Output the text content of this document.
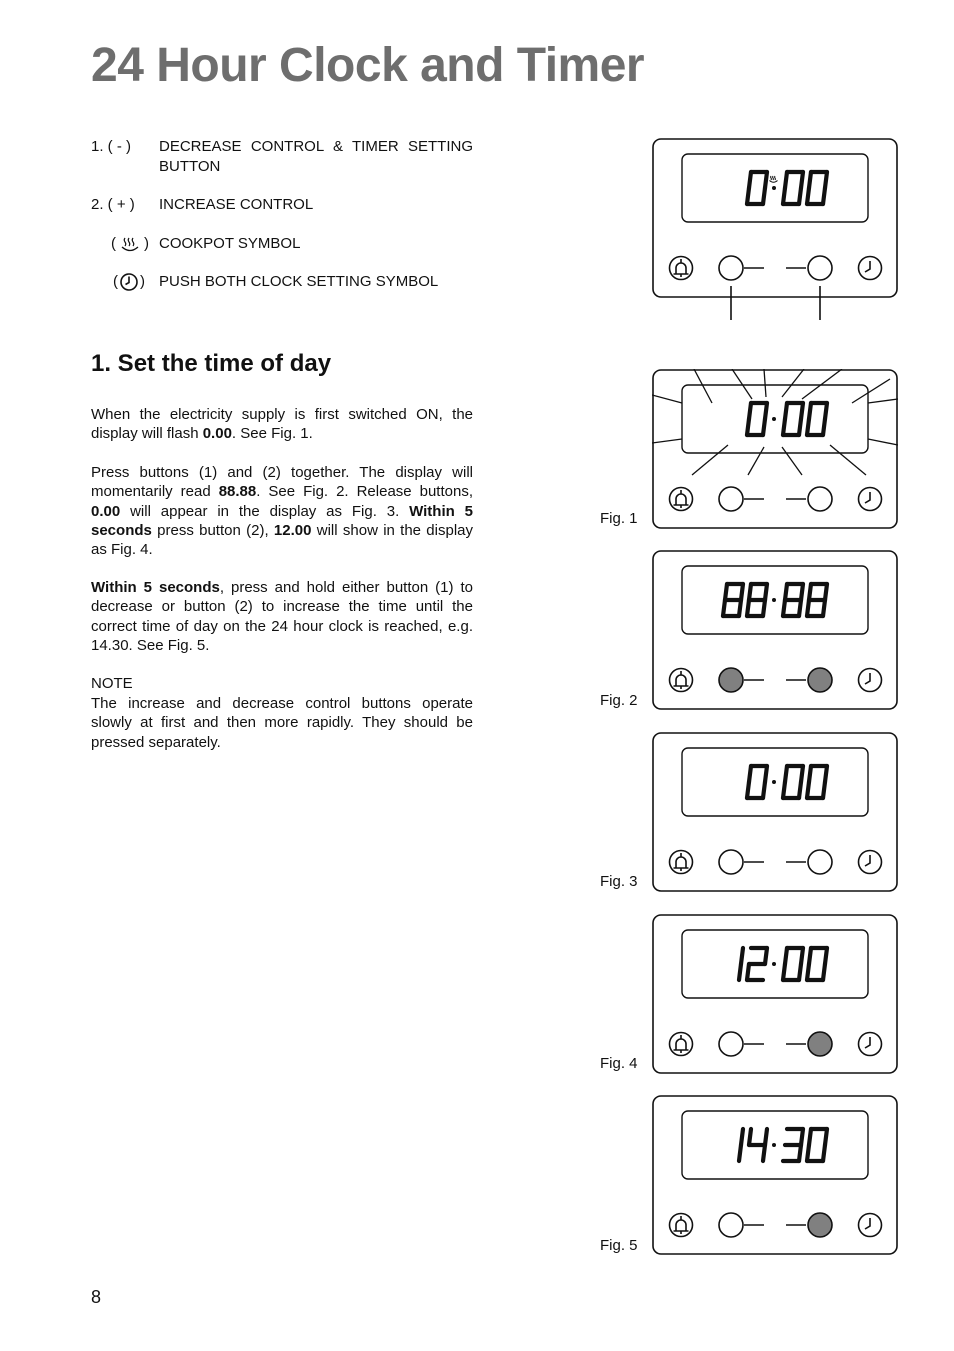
24 Hour Clock and Timer
1. ( - ) DECREASE CONTROL & TIMER SETTING
BUTTON
2. ( + ) INCREASE CONTROL
( ) COOKPOT SYMBOL
( ) PUSH BOTH CLOCK SETTING SYMBOL
1. Set the time of day

When the electricity supply is first switched ON, the display will flash 0.00. See Fig. 1.

Press buttons (1) and (2) together. The display will momentarily read 88.88. See Fig. 2. Release buttons, 0.00 will appear in the display as Fig. 3. Within 5 seconds press button (2), 12.00 will show in the display as Fig. 4.

Within 5 seconds, press and hold either button (1) to decrease or button (2) to increase the time until the correct time of day on the 24 hour clock is reached, e.g. 14.30. See Fig. 5.

NOTE

The increase and decrease control buttons operate slowly at first and then more rapidly. They should be pressed separately.

Fig. 1
Fig. 2
Fig. 3
Fig. 4
Fig. 5
8
